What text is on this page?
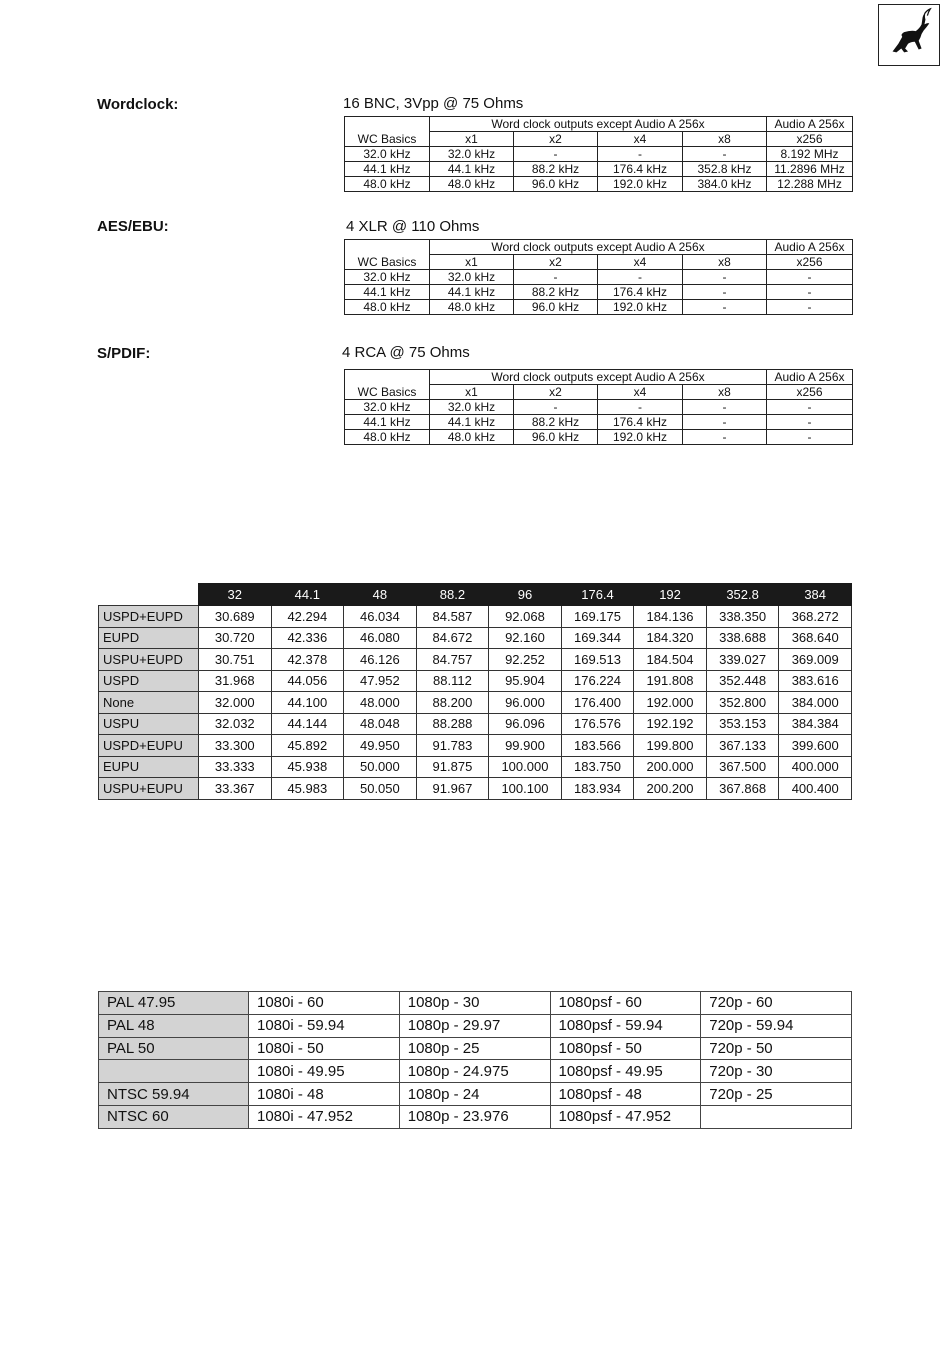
Wordclock:	16 BNC, 3Vpp @ 75 Ohms
	Word clock outputs except Audio A 256x				Audio A 256x
WC Basics	x1	x2	x4	x8	x256
32.0 kHz	32.0 kHz	-	-	-	8.192 MHz
44.1 kHz	44.1 kHz	88.2 kHz	176.4 kHz	352.8 kHz	11.2896 MHz
48.0 kHz	48.0 kHz	96.0 kHz	192.0 kHz	384.0 kHz	12.288 MHz
AES/EBU:	4 XLR @ 110 Ohms
	Word clock outputs except Audio A 256x				Audio A 256x
WC Basics	x1	x2	x4	x8	x256
32.0 kHz	32.0 kHz	-	-	-	-
44.1 kHz	44.1 kHz	88.2 kHz	176.4 kHz	-	-
48.0 kHz	48.0 kHz	96.0 kHz	192.0 kHz	-	-
S/PDIF:	4 RCA @ 75 Ohms
	Word clock outputs except Audio A 256x				Audio A 256x
WC Basics	x1	x2	x4	x8	x256
32.0 kHz	32.0 kHz	-	-	-	-
44.1 kHz	44.1 kHz	88.2 kHz	176.4 kHz	-	-
48.0 kHz	48.0 kHz	96.0 kHz	192.0 kHz	-	-
	32	44.1	48	88.2	96	176.4	192	352.8	384
USPD+EUPD	30.689	42.294	46.034	84.587	92.068	169.175	184.136	338.350	368.272
EUPD	30.720	42.336	46.080	84.672	92.160	169.344	184.320	338.688	368.640
USPU+EUPD	30.751	42.378	46.126	84.757	92.252	169.513	184.504	339.027	369.009
USPD	31.968	44.056	47.952	88.112	95.904	176.224	191.808	352.448	383.616
None	32.000	44.100	48.000	88.200	96.000	176.400	192.000	352.800	384.000
USPU	32.032	44.144	48.048	88.288	96.096	176.576	192.192	353.153	384.384
USPD+EUPU	33.300	45.892	49.950	91.783	99.900	183.566	199.800	367.133	399.600
EUPU	33.333	45.938	50.000	91.875	100.000	183.750	200.000	367.500	400.000
USPU+EUPU	33.367	45.983	50.050	91.967	100.100	183.934	200.200	367.868	400.400
PAL 47.95	1080i - 60	1080p - 30	1080psf - 60	720p - 60
PAL 48	1080i - 59.94	1080p - 29.97	1080psf - 59.94	720p - 59.94
PAL 50	1080i - 50	1080p - 25	1080psf - 50	720p - 50
	1080i - 49.95	1080p - 24.975	1080psf - 49.95	720p - 30
NTSC 59.94	1080i - 48	1080p - 24	1080psf - 48	720p - 25
NTSC 60	1080i - 47.952	1080p - 23.976	1080psf - 47.952	
